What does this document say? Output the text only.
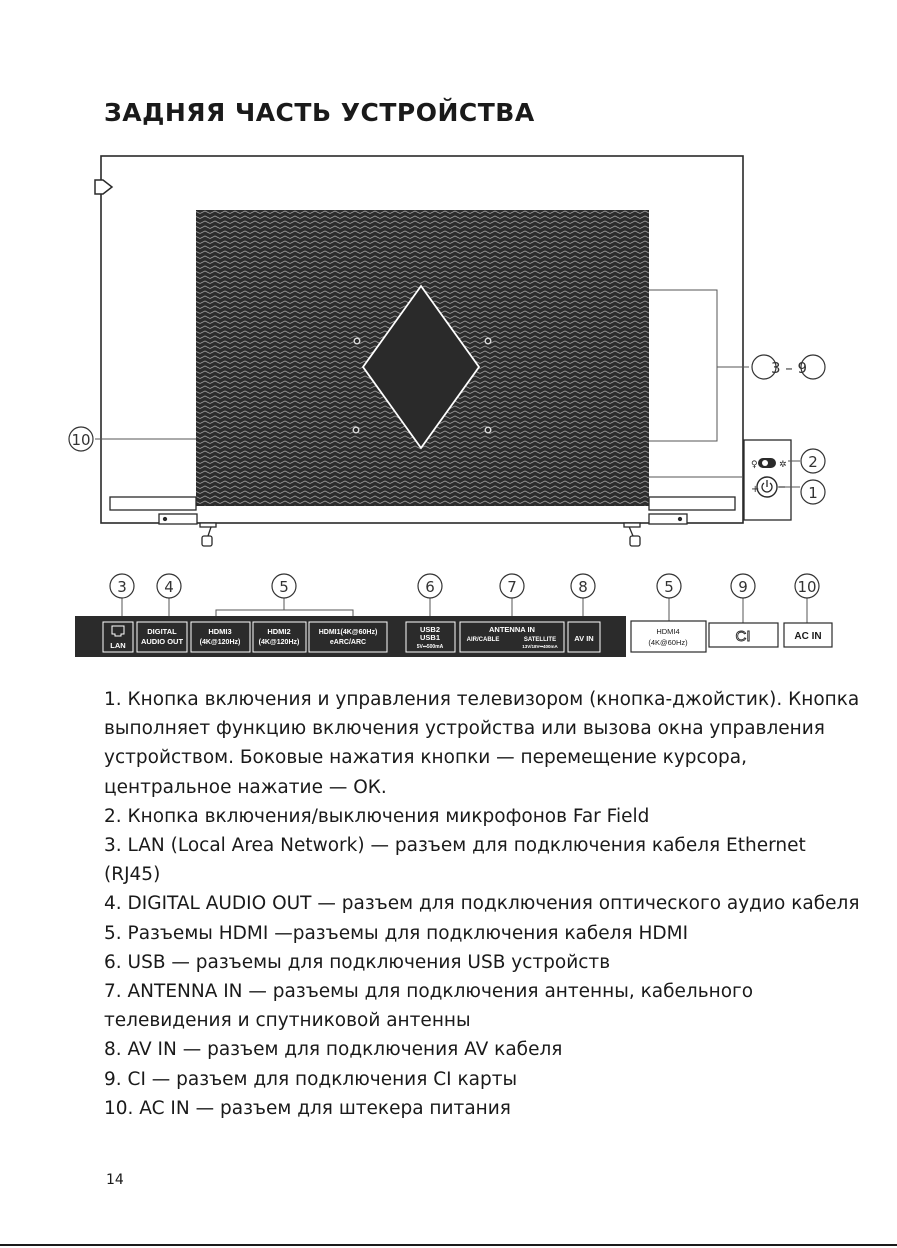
ЗАДНЯЯ ЧАСТЬ УСТРОЙСТВА
♀ ✲
+
3 – 9
10
2
1
3 4	5	6	7	8	5	9	10
LAN
DIGITAL
AUDIO OUT
HDMI3
(4K@120Hz)
HDMI2
(4K@120Hz)
HDMI1(4K@60Hz)
eARC/ARC
USB2
USB1
5V⎓500mA
ANTENNA IN
AIR/CABLE	SATELLITE
13V/18V⎓400mA
AV IN
HDMI4
(4K@60Hz)	CI	AC IN

1. Кнопка включения и управления телевизором (кнопка-джойстик). Кнопка выполняет функцию включения устройства или вызова окна управления устройством. Боковые нажатия кнопки — перемещение курсора, центральное нажатие — ОК.

2. Кнопка включения/выключения микрофонов Far Field

3. LAN (Local Area Network) — разъем для подключения кабеля Ethernet (RJ45)

4. DIGITAL AUDIO OUT — разъем для подключения оптического аудио кабеля

5. Разъемы HDMI —разъемы для подключения кабеля HDMI

6. USB — разъемы для подключения USB устройств

7. ANTENNA IN — разъемы для подключения антенны, кабельного телевидения и спутниковой антенны

8. AV IN — разъем для подключения AV кабеля

9. CI — разъем для подключения CI карты

10. AC IN — разъем для штекера питания

14
